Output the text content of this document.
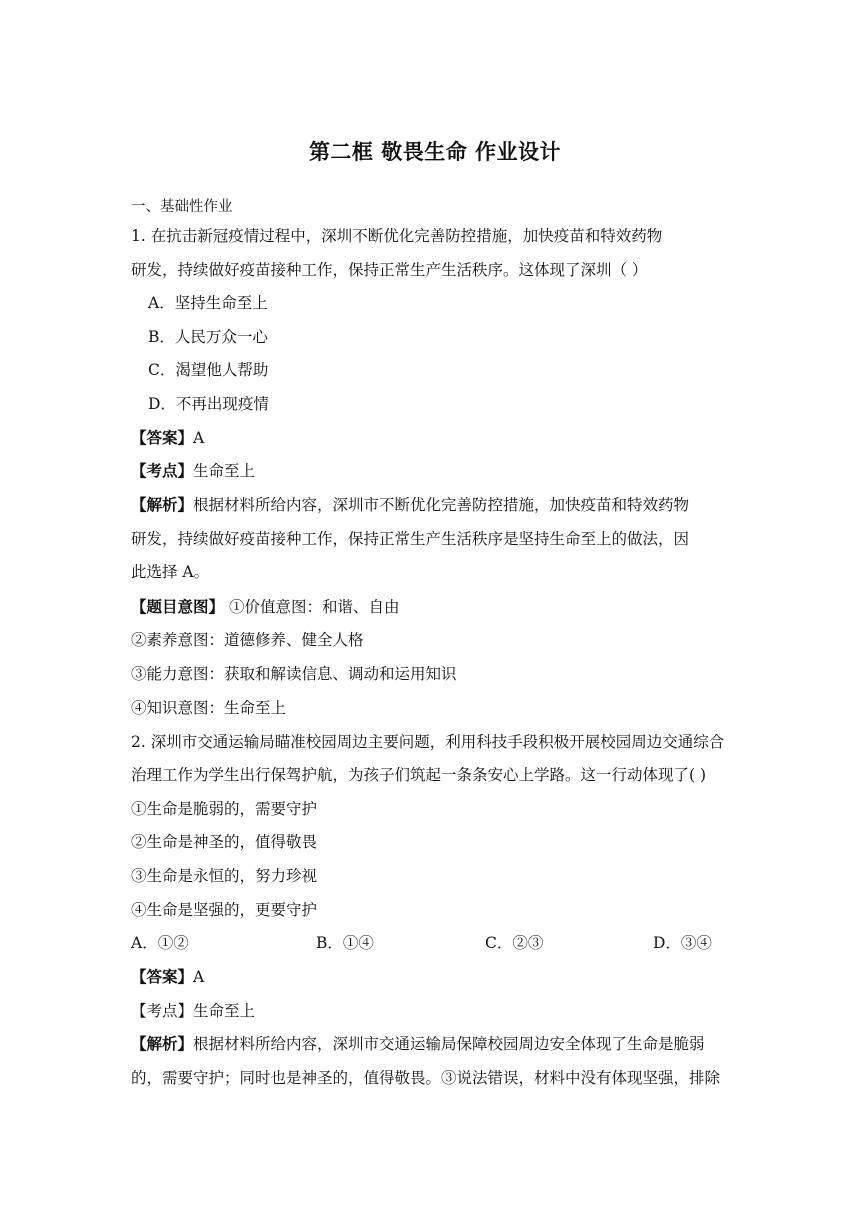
第二框 敬畏生命 作业设计
一、基础性作业
1. 在抗击新冠疫情过程中，深圳不断优化完善防控措施，加快疫苗和特效药物
研发，持续做好疫苗接种工作，保持正常生产生活秩序。这体现了深圳（ ）
A．坚持生命至上
B．人民万众一心
C．渴望他人帮助
D．不再出现疫情
【答案】A
【考点】生命至上
【解析】根据材料所给内容，深圳市不断优化完善防控措施，加快疫苗和特效药物
研发，持续做好疫苗接种工作，保持正常生产生活秩序是坚持生命至上的做法，因
此选择 A。
【题目意图】 ①价值意图：和谐、自由
②素养意图：道德修养、健全人格
③能力意图：获取和解读信息、调动和运用知识
④知识意图：生命至上
2. 深圳市交通运输局瞄准校园周边主要问题，利用科技手段积极开展校园周边交通综合
治理工作为学生出行保驾护航，为孩子们筑起一条条安心上学路。这一行动体现了( )
①生命是脆弱的，需要守护
②生命是神圣的，值得敬畏
③生命是永恒的，努力珍视
④生命是坚强的，更要守护
A．①②	B．①④	C．②③	D．③④
【答案】A
【考点】生命至上
【解析】根据材料所给内容，深圳市交通运输局保障校园周边安全体现了生命是脆弱
的，需要守护；同时也是神圣的，值得敬畏。③说法错误，材料中没有体现坚强，排除
